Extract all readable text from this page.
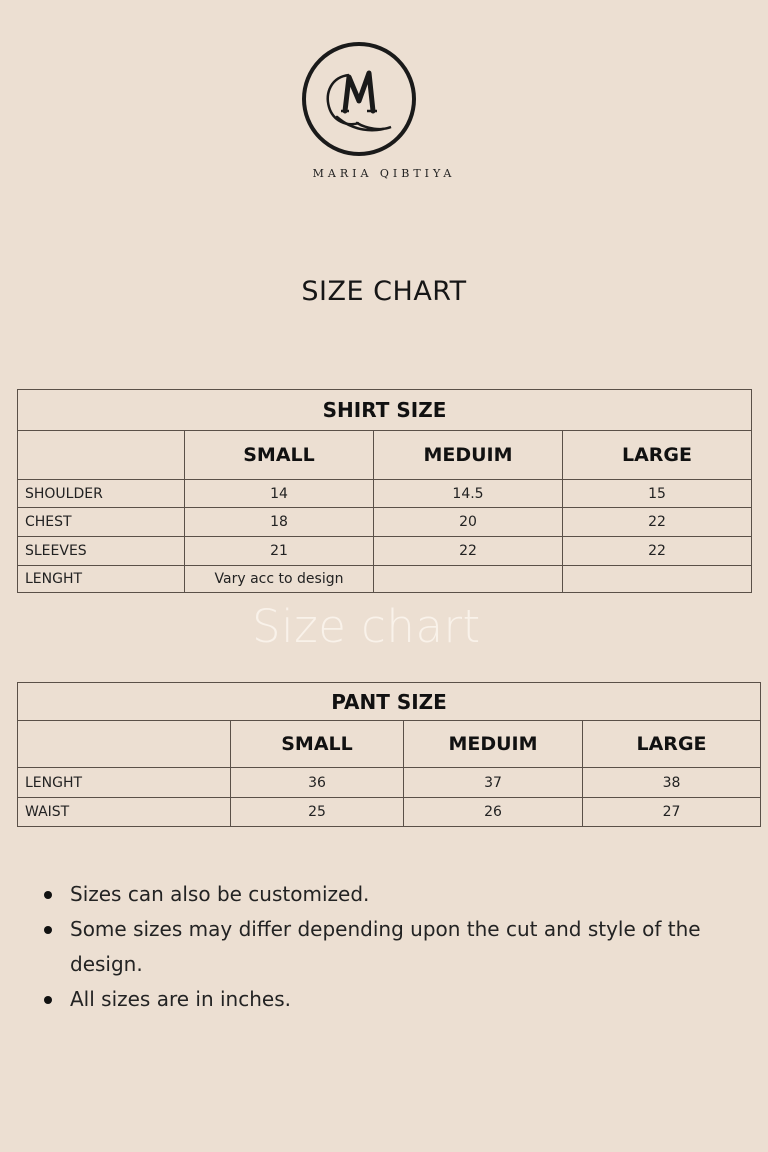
MARIA QIBTIYA
SIZE CHART
SHIRT SIZE			
	SMALL	MEDUIM	LARGE
SHOULDER	14	14.5	15
CHEST	18	20	22
SLEEVES	21	22	22
LENGHT	Vary acc to design		
Size chart
PANT SIZE			
	SMALL	MEDUIM	LARGE
LENGHT	36	37	38
WAIST	25	26	27
Sizes can also be customized.
Some sizes may differ depending upon the cut and style of the design.
All sizes are in inches.
